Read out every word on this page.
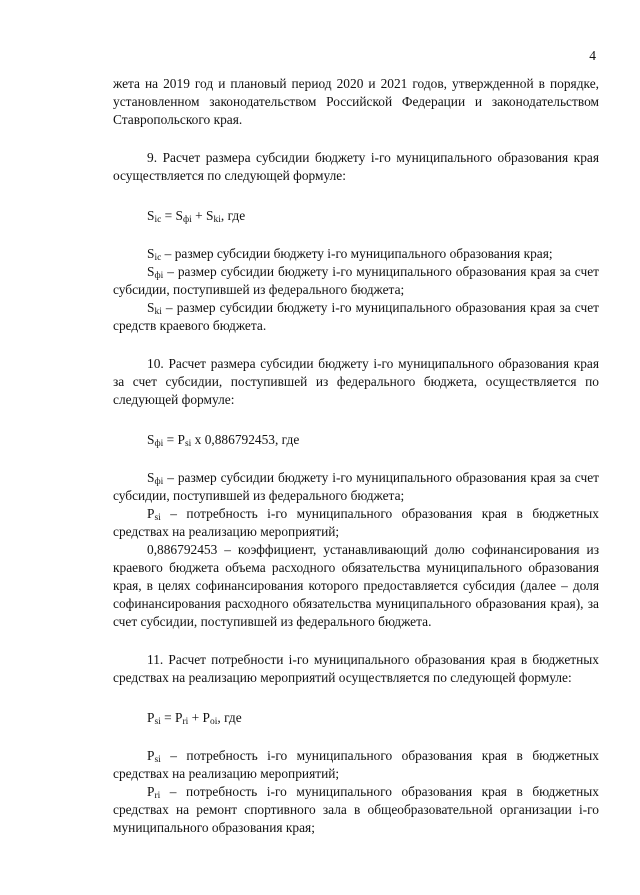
4

жета на 2019 год и плановый период 2020 и 2021 годов, утвержденной в порядке, установленном законодательством Российской Федерации и законодательством Ставропольского края.

9. Расчет размера субсидии бюджету i-го муниципального образования края осуществляется по следующей формуле:

$S_{ic} = S_{фi} + S_{ki}$, где

$S_{ic}$ – размер субсидии бюджету i-го муниципального образования края;

$S_{фi}$ – размер субсидии бюджету i-го муниципального образования края за счет субсидии, поступившей из федерального бюджета;

$S_{ki}$ – размер субсидии бюджету i-го муниципального образования края за счет средств краевого бюджета.

10. Расчет размера субсидии бюджету i-го муниципального образования края за счет субсидии, поступившей из федерального бюджета, осуществляется по следующей формуле:

$S_{фi} = P_{si}$ x 0,886792453, где

$S_{фi}$ – размер субсидии бюджету i-го муниципального образования края за счет субсидии, поступившей из федерального бюджета;

$P_{si}$ – потребность i-го муниципального образования края в бюджетных средствах на реализацию мероприятий;

0,886792453 – коэффициент, устанавливающий долю софинансирования из краевого бюджета объема расходного обязательства муниципального образования края, в целях софинансирования которого предоставляется субсидия (далее – доля софинансирования расходного обязательства муниципального образования края), за счет субсидии, поступившей из федерального бюджета.

11. Расчет потребности i-го муниципального образования края в бюджетных средствах на реализацию мероприятий осуществляется по следующей формуле:

$P_{si} = P_{ri} + P_{oi}$, где

$P_{si}$ – потребность i-го муниципального образования края в бюджетных средствах на реализацию мероприятий;

$P_{ri}$ – потребность i-го муниципального образования края в бюджетных средствах на ремонт спортивного зала в общеобразовательной организации i-го муниципального образования края;
